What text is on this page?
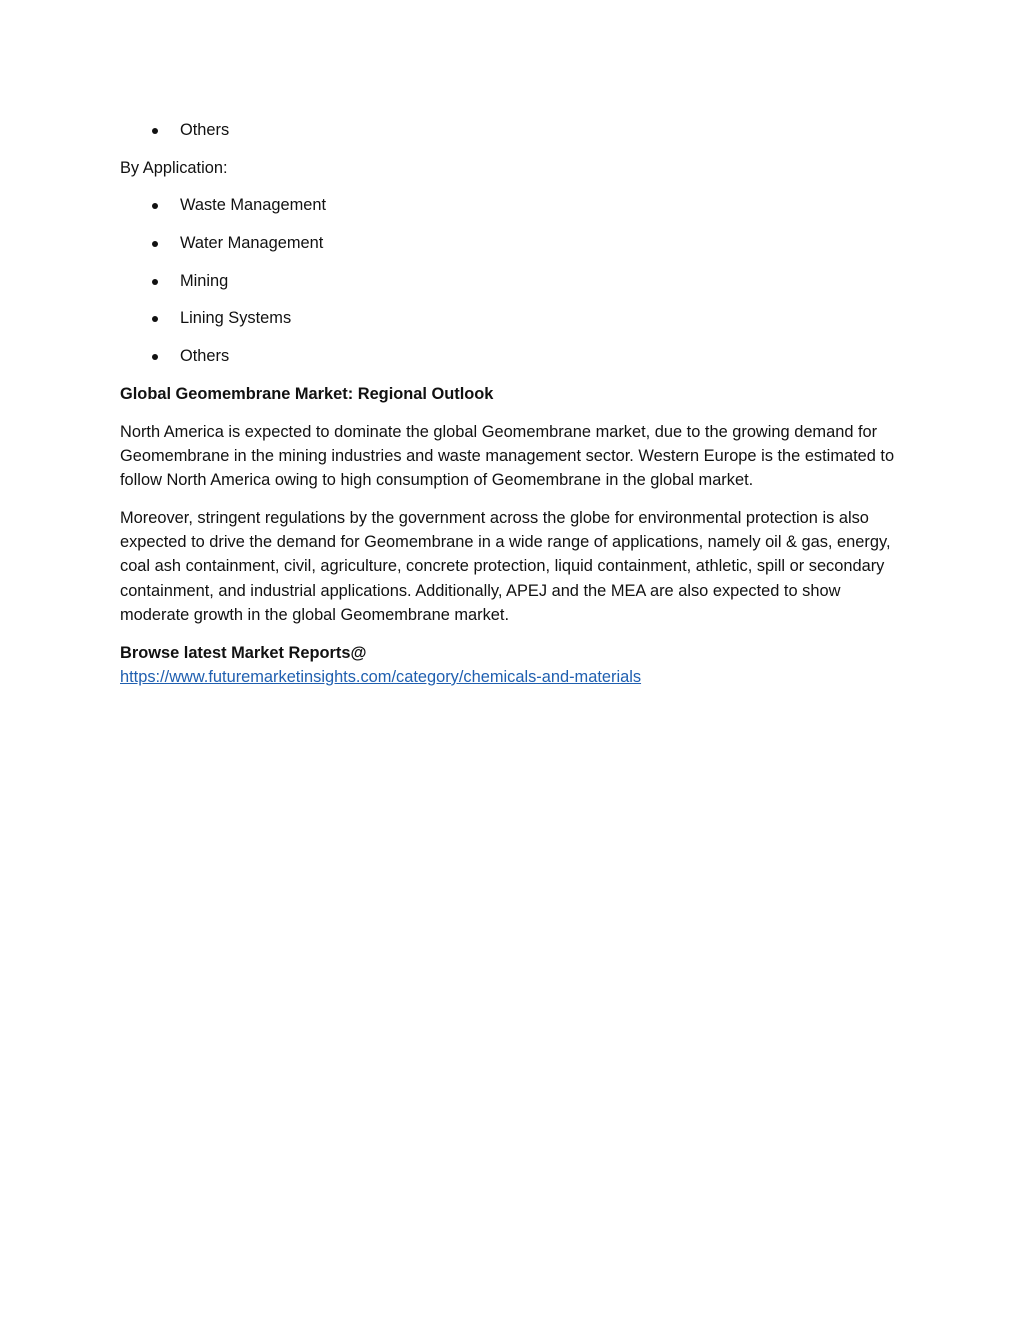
Others

By Application:

Waste Management
Water Management
Mining
Lining Systems
Others

Global Geomembrane Market: Regional Outlook

North America is expected to dominate the global Geomembrane market, due to the growing demand for Geomembrane in the mining industries and waste management sector. Western Europe is the estimated to follow North America owing to high consumption of Geomembrane in the global market.

Moreover, stringent regulations by the government across the globe for environmental protection is also expected to drive the demand for Geomembrane in a wide range of applications, namely oil & gas, energy, coal ash containment, civil, agriculture, concrete protection, liquid containment, athletic, spill or secondary containment, and industrial applications. Additionally, APEJ and the MEA are also expected to show moderate growth in the global Geomembrane market.

Browse latest Market Reports@
https://www.futuremarketinsights.com/category/chemicals-and-materials
